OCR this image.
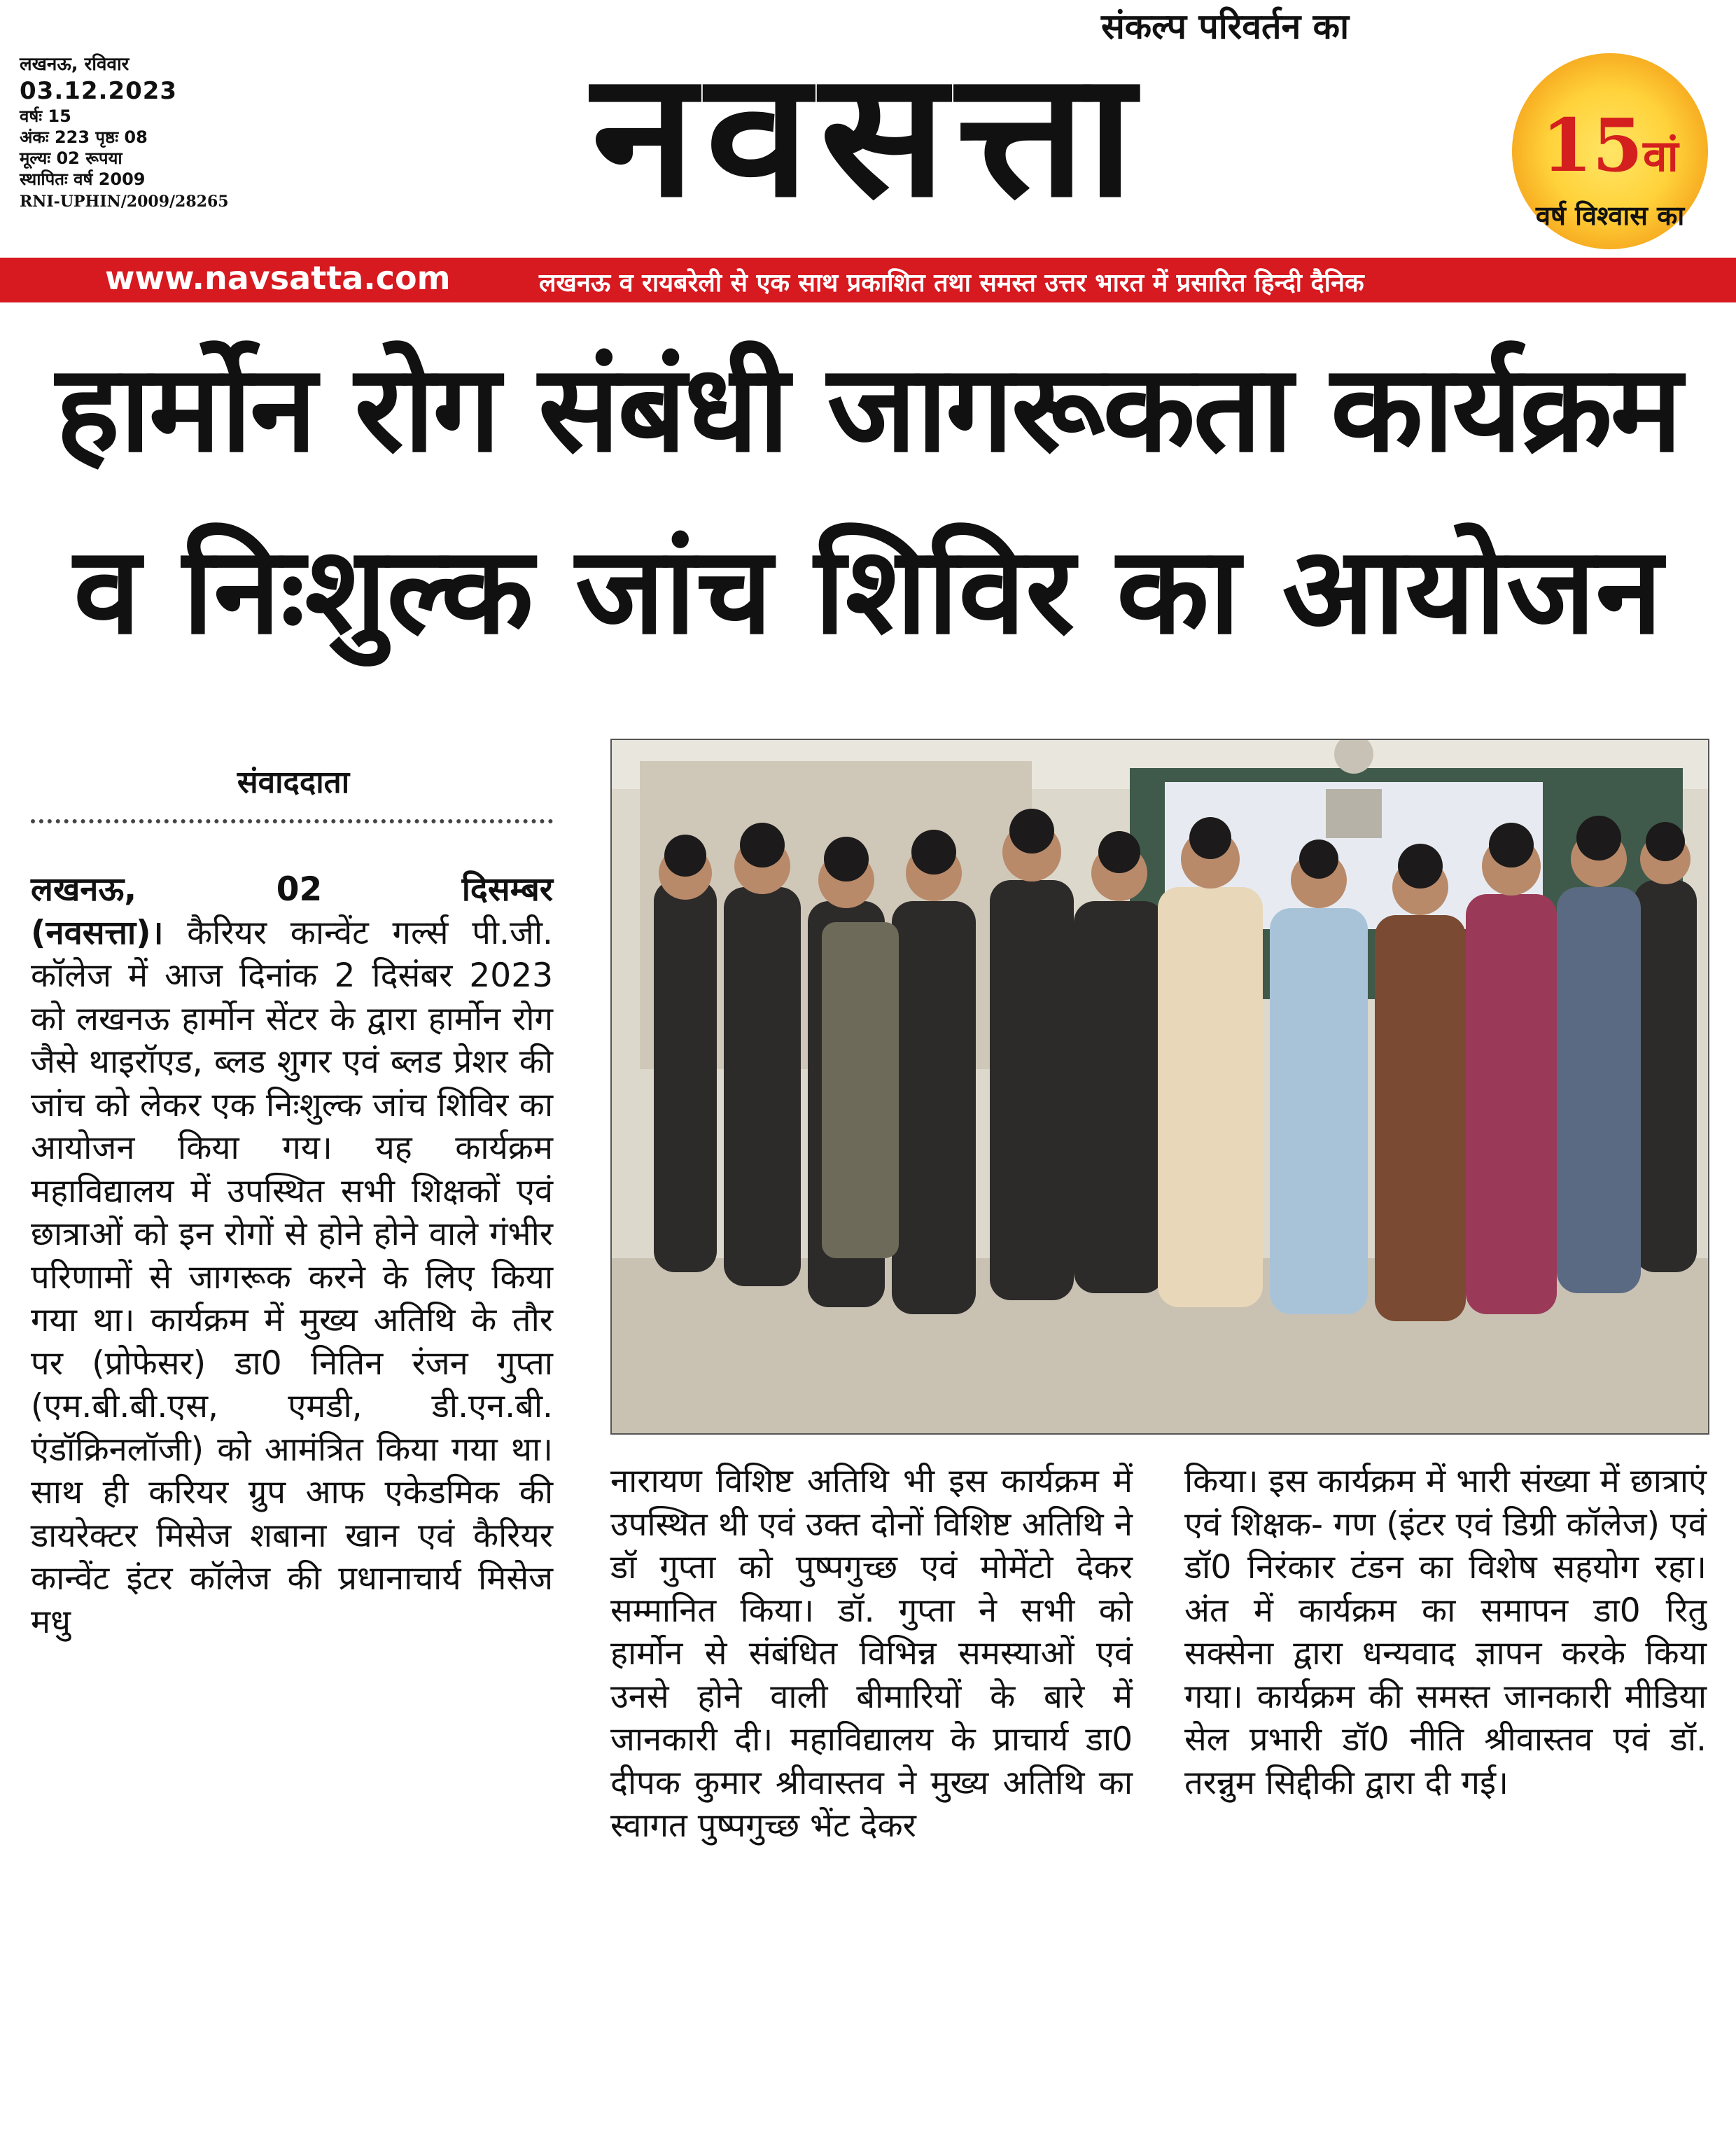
लखनऊ, रविवार
03.12.2023
वर्षः 15
अंकः 223 पृष्ठः 08
मूल्यः 02 रूपया
स्थापितः वर्ष 2009
RNI-UPHIN/2009/28265
संकल्प परिवर्तन का
नवसत्ता	15वां
वर्ष विश्वास का
www.navsatta.com	लखनऊ व रायबरेली से एक साथ प्रकाशित तथा समस्त उत्तर भारत में प्रसारित हिन्दी दैनिक
हार्मोन रोग संबंधी जागरूकता कार्यक्रम
व निःशुल्क जांच शिविर का आयोजन
संवाददाता
लखनऊ, 02 दिसम्बर
(नवसत्ता)। कैरियर कान्वेंट गर्ल्स पी.जी. कॉलेज में आज दिनांक 2 दिसंबर 2023 को लखनऊ हार्मोन सेंटर के द्वारा हार्मोन रोग जैसे थाइरॉएड, ब्लड शुगर एवं ब्लड प्रेशर की जांच को लेकर एक निःशुल्क जांच शिविर का आयोजन किया गय। यह कार्यक्रम महाविद्यालय में उपस्थित सभी शिक्षकों एवं छात्राओं को इन रोगों से होने होने वाले गंभीर परिणामों से जागरूक करने के लिए किया गया था। कार्यक्रम में मुख्य अतिथि के तौर पर (प्रोफेसर) डा0 नितिन रंजन गुप्ता (एम.बी.बी.एस, एमडी, डी.एन.बी. एंडॉक्रिनलॉजी) को आमंत्रित किया गया था। साथ ही करियर ग्रुप आफ एकेडमिक की डायरेक्टर मिसेज शबाना खान एवं कैरियर कान्वेंट इंटर कॉलेज की प्रधानाचार्य मिसेज मधु
नारायण विशिष्ट अतिथि भी इस कार्यक्रम में उपस्थित थी एवं उक्त दोनों विशिष्ट अतिथि ने डॉ गुप्ता को पुष्पगुच्छ एवं मोमेंटो देकर सम्मानित किया। डॉ. गुप्ता ने सभी को हार्मोन से संबंधित विभिन्न समस्याओं एवं उनसे होने वाली बीमारियों के बारे में जानकारी दी। महाविद्यालय के प्राचार्य डा0 दीपक कुमार श्रीवास्तव ने मुख्य अतिथि का स्वागत पुष्पगुच्छ भेंट देकर
किया। इस कार्यक्रम में भारी संख्या में छात्राएं एवं शिक्षक- गण (इंटर एवं डिग्री कॉलेज) एवं डॉ0 निरंकार टंडन का विशेष सहयोग रहा। अंत में कार्यक्रम का समापन डा0 रितु सक्सेना द्वारा धन्यवाद ज्ञापन करके किया गया। कार्यक्रम की समस्त जानकारी मीडिया सेल प्रभारी डॉ0 नीति श्रीवास्तव एवं डॉ. तरन्नुम सिद्दीकी द्वारा दी गई।
